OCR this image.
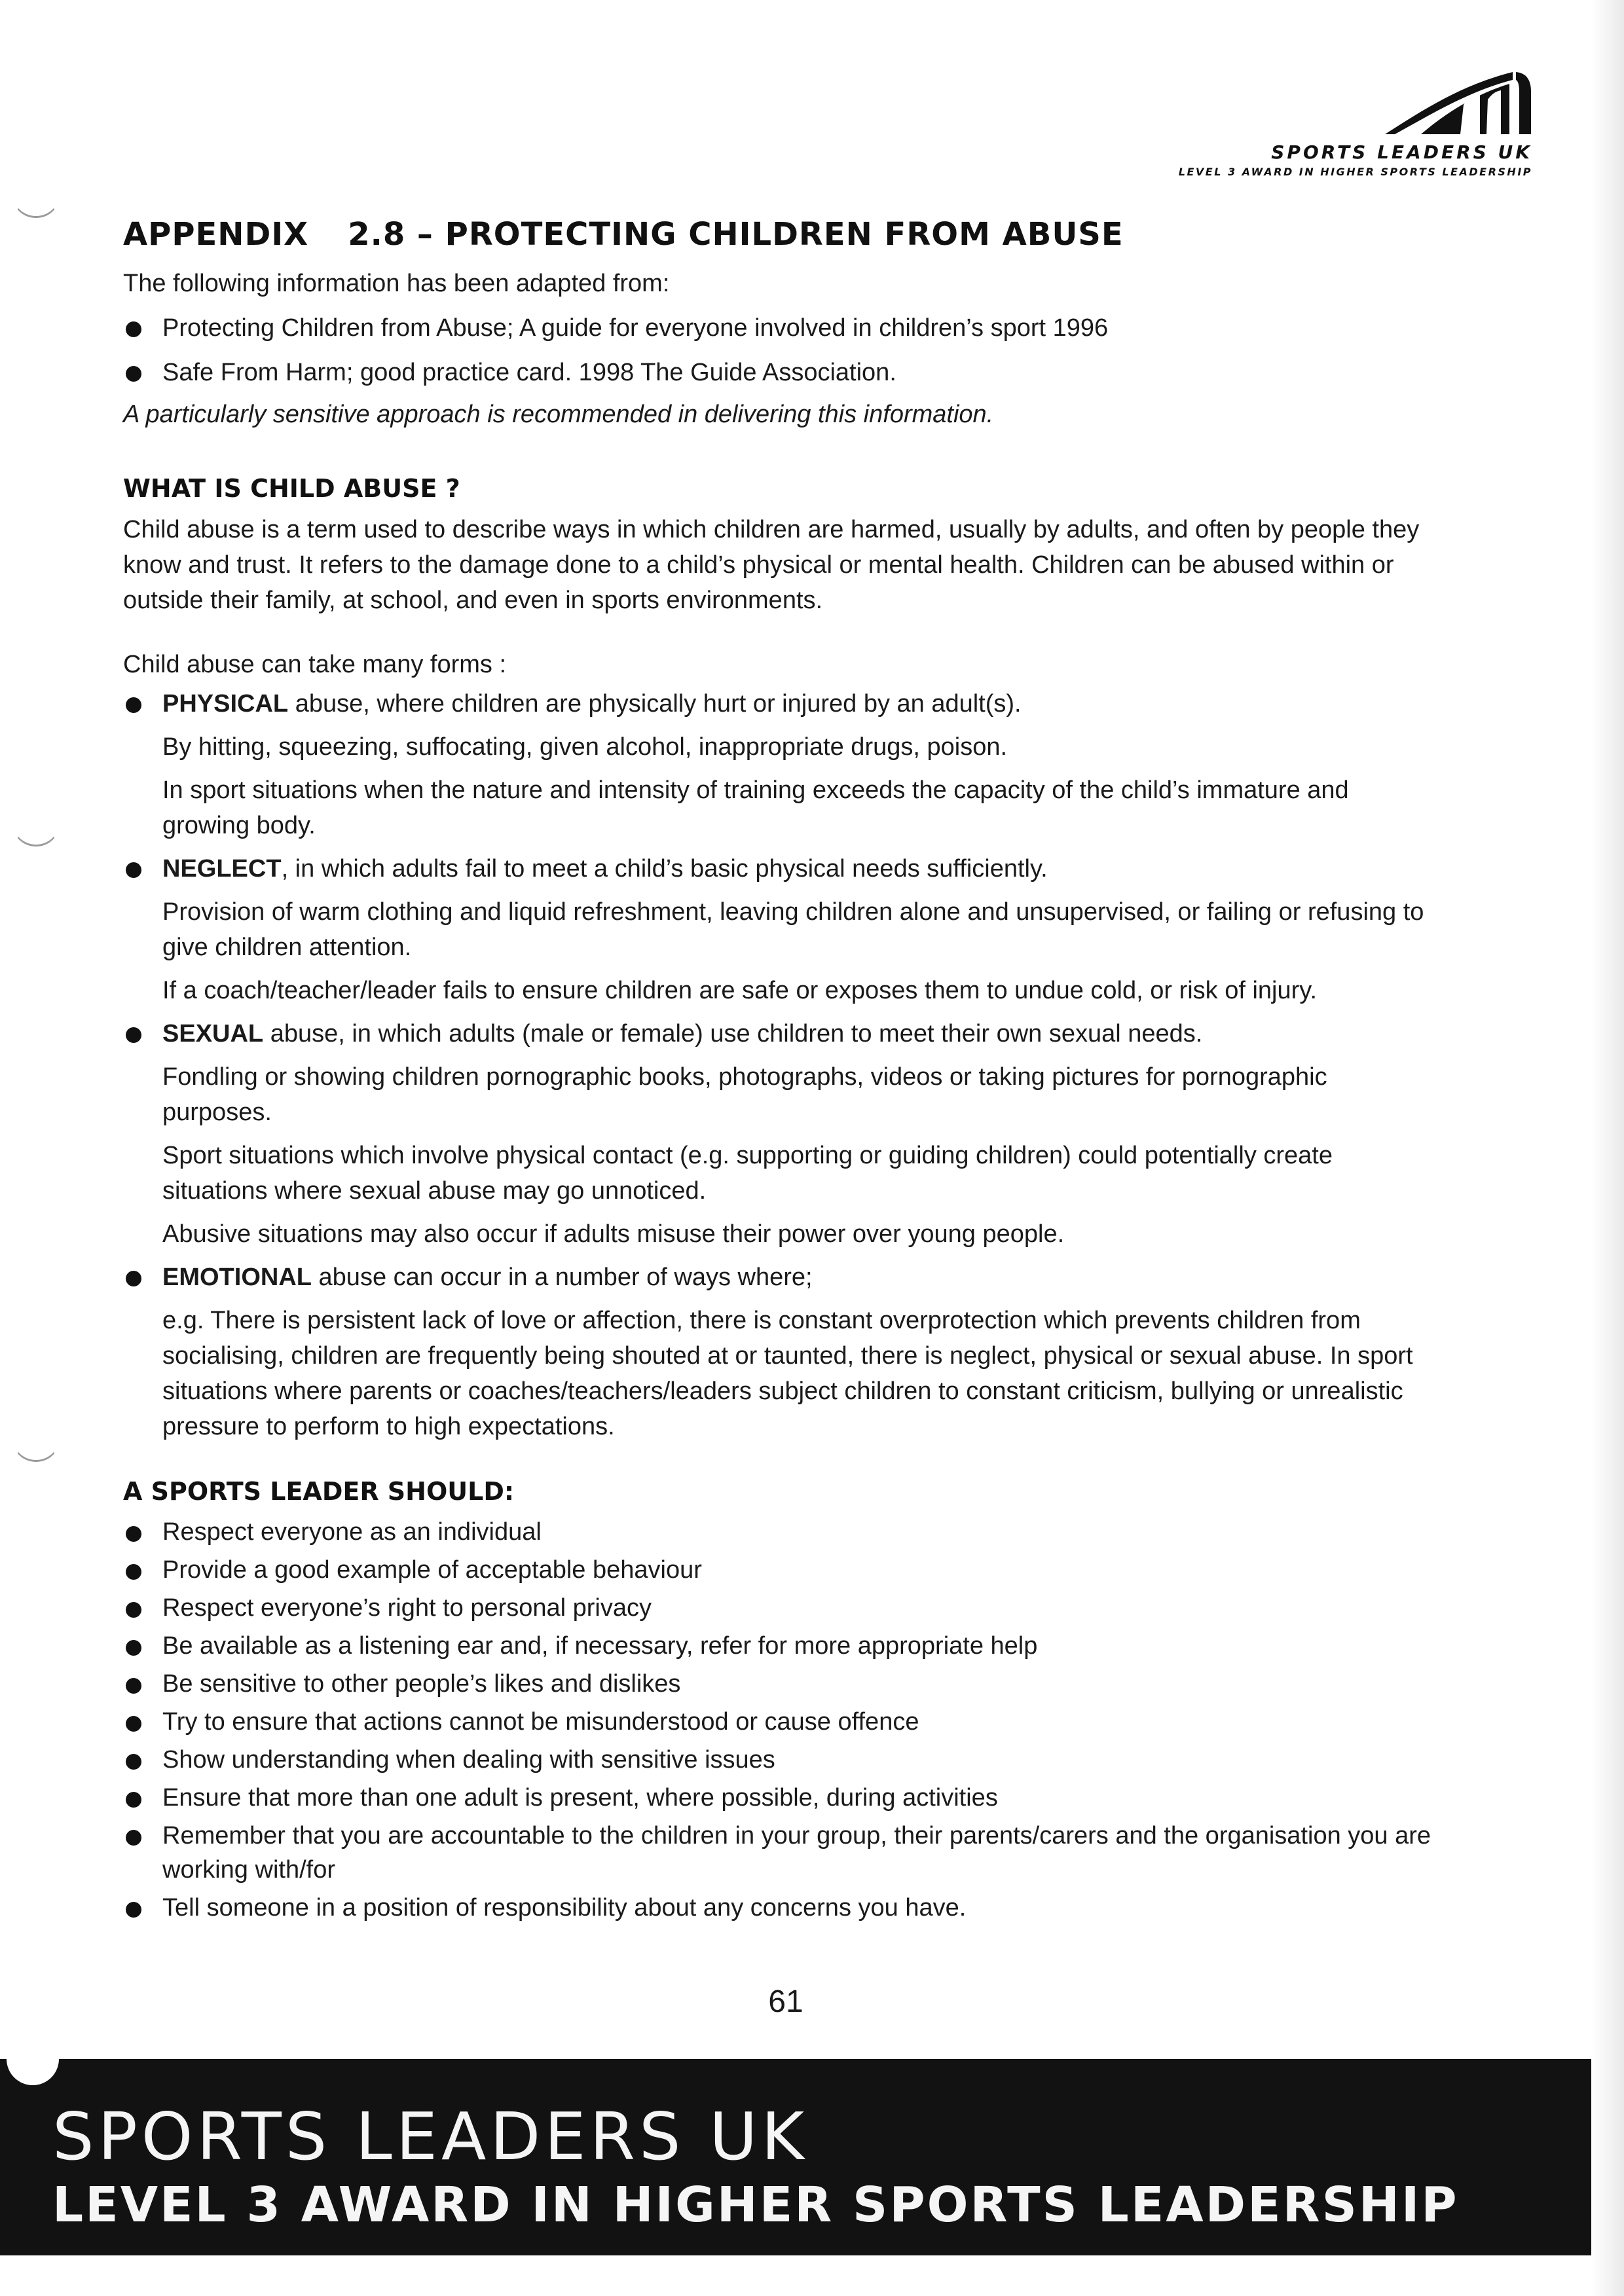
SPORTS LEADERS UK
LEVEL 3 AWARD IN HIGHER SPORTS LEADERSHIP
APPENDIX 2.8 – PROTECTING CHILDREN FROM ABUSE

The following information has been adapted from:

Protecting Children from Abuse; A guide for everyone involved in children’s sport 1996
Safe From Harm; good practice card. 1998 The Guide Association.

A particularly sensitive approach is recommended in delivering this information.

WHAT IS CHILD ABUSE ?

Child abuse is a term used to describe ways in which children are harmed, usually by adults, and often by people they know and trust. It refers to the damage done to a child’s physical or mental health. Children can be abused within or outside their family, at school, and even in sports environments.

Child abuse can take many forms :

PHYSICAL abuse, where children are physically hurt or injured by an adult(s).
By hitting, squeezing, suffocating, given alcohol, inappropriate drugs, poison.
In sport situations when the nature and intensity of training exceeds the capacity of the child’s immature and growing body.
NEGLECT, in which adults fail to meet a child’s basic physical needs sufficiently.
Provision of warm clothing and liquid refreshment, leaving children alone and unsupervised, or failing or refusing to give children attention.
If a coach/teacher/leader fails to ensure children are safe or exposes them to undue cold, or risk of injury.
SEXUAL abuse, in which adults (male or female) use children to meet their own sexual needs.
Fondling or showing children pornographic books, photographs, videos or taking pictures for pornographic purposes.
Sport situations which involve physical contact (e.g. supporting or guiding children) could potentially create situations where sexual abuse may go unnoticed.
Abusive situations may also occur if adults misuse their power over young people.
EMOTIONAL abuse can occur in a number of ways where;
e.g. There is persistent lack of love or affection, there is constant overprotection which prevents children from socialising, children are frequently being shouted at or taunted, there is neglect, physical or sexual abuse. In sport situations where parents or coaches/teachers/leaders subject children to constant criticism, bullying or unrealistic pressure to perform to high expectations.
A SPORTS LEADER SHOULD:
Respect everyone as an individual
Provide a good example of acceptable behaviour
Respect everyone’s right to personal privacy
Be available as a listening ear and, if necessary, refer for more appropriate help
Be sensitive to other people’s likes and dislikes
Try to ensure that actions cannot be misunderstood or cause offence
Show understanding when dealing with sensitive issues
Ensure that more than one adult is present, where possible, during activities
Remember that you are accountable to the children in your group, their parents/carers and the organisation you are working with/for
Tell someone in a position of responsibility about any concerns you have.
61
SPORTS LEADERS UK
LEVEL 3 AWARD IN HIGHER SPORTS LEADERSHIP
